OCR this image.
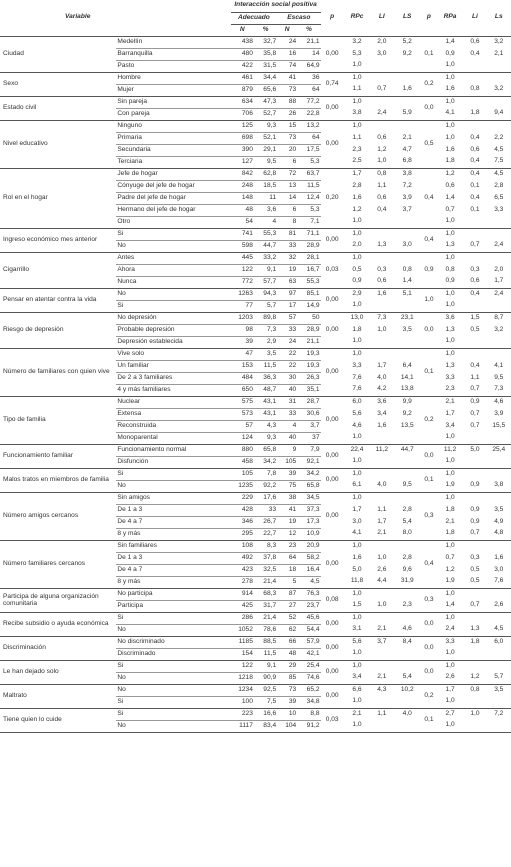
Variable		Interacción social positiva				p	RPc	LI	LS	p	RPa	Li	Ls
		Adecuado		Escaso									
		N	%	N	%								
Ciudad	Medellín	438	32,7	24	21,1	0,00	3,2	2,0	5,2	0,1	1,4	0,6	3,2
	Barranquilla	480	35,8	16	14		5,3	3,0	9,2		0,9	0,4	2,1
	Pasto	422	31,5	74	64,9		1,0				1,0		
Sexo	Hombre	461	34,4	41	36	0,74	1,0			0,2	1,0		
	Mujer	879	65,6	73	64		1,1	0,7	1,6		1,6	0,8	3,2
Estado civil	Sin pareja	634	47,3	88	77,2	0,00	1,0			0,0	1,0		
	Con pareja	706	52,7	26	22,8		3,8	2,4	5,9		4,1	1,8	9,4
Nivel educativo	Ninguno	125	9,3	15	13,2	0,00	1,0			0,5	1,0		
	Primaria	698	52,1	73	64		1,1	0,6	2,1		1,0	0,4	2,2
	Secundaria	390	29,1	20	17,5		2,3	1,2	4,7		1,6	0,6	4,5
	Terciaria	127	9,5	6	5,3		2,5	1,0	6,8		1,8	0,4	7,5
Rol en el hogar	Jefe de hogar	842	62,8	72	63,7	0,20	1,7	0,8	3,8	0,4	1,2	0,4	4,5
	Cónyuge del jefe de hogar	248	18,5	13	11,5		2,8	1,1	7,2		0,6	0,1	2,8
	Padre del jefe de hogar	148	11	14	12,4		1,6	0,6	3,9		1,4	0,4	6,5
	Hermano del jefe de hogar	48	3,6	6	5,3		1,2	0,4	3,7		0,7	0,1	3,3
	Otro	54	4	8	7,1		1,0				1,0		
Ingreso económico mes anterior	Si	741	55,3	81	71,1	0,00	1,0			0,4	1,0		
	No	598	44,7	33	28,9		2,0	1,3	3,0		1,3	0,7	2,4
Cigarrillo	Antes	445	33,2	32	28,1	0,03	1,0			0,9	1,0		
	Ahora	122	9,1	19	16,7		0,5	0,3	0,8		0,8	0,3	2,0
	Nunca	772	57,7	63	55,3		0,9	0,6	1,4		0,9	0,6	1,7
Pensar en atentar contra la vida	No	1263	94,3	97	85,1	0,00	2,9	1,6	5,1	1,0	1,0	0,4	2,4
	Si	77	5,7	17	14,9		1,0				1,0		
Riesgo de depresión	No depresión	1203	89,8	57	50	0,00	13,0	7,3	23,1	0,0	3,6	1,5	8,7
	Probable depresión	98	7,3	33	28,9		1,8	1,0	3,5		1,3	0,5	3,2
	Depresión establecida	39	2,9	24	21,1		1,0				1,0		
Número de familiares con quien vive	Vive solo	47	3,5	22	19,3	0,00	1,0			0,1	1,0		
	Un familiar	153	11,5	22	19,3		3,3	1,7	6,4		1,3	0,4	4,1
	De 2 a 3 familiares	484	36,3	30	26,3		7,6	4,0	14,1		3,3	1,1	9,5
	4 y más familiares	650	48,7	40	35,1		7,6	4,2	13,8		2,3	0,7	7,3
Tipo de familia	Nuclear	575	43,1	31	28,7	0,00	6,0	3,6	9,9	0,2	2,1	0,9	4,6
	Extensa	573	43,1	33	30,6		5,6	3,4	9,2		1,7	0,7	3,9
	Reconstruida	57	4,3	4	3,7		4,6	1,6	13,5		3,4	0,7	15,5
	Monoparental	124	9,3	40	37		1,0				1,0		
Funcionamiento familiar	Funcionamiento normal	880	65,8	9	7,9	0,00	22,4	11,2	44,7	0,0	11,2	5,0	25,4
	Disfunción	458	34,2	105	92,1		1,0				1,0		
Malos tratos en miembros de familia	Si	105	7,8	39	34,2	0,00	1,0			0,1	1,0		
	No	1235	92,2	75	65,8		6,1	4,0	9,5		1,9	0,9	3,8
Número amigos cercanos	Sin amigos	229	17,6	38	34,5	0,00	1,0			0,3	1,0		
	De 1 a 3	428	33	41	37,3		1,7	1,1	2,8		1,8	0,9	3,5
	De 4 a 7	346	26,7	19	17,3		3,0	1,7	5,4		2,1	0,9	4,9
	8 y más	295	22,7	12	10,9		4,1	2,1	8,0		1,8	0,7	4,8
Número familiares cercanos	Sin familiares	108	8,3	23	20,9	0,00	1,0			0,4	1,0		
	De 1 a 3	492	37,8	64	58,2		1,6	1,0	2,8		0,7	0,3	1,6
	De 4 a 7	423	32,5	18	16,4		5,0	2,6	9,6		1,2	0,5	3,0
	8 y más	278	21,4	5	4,5		11,8	4,4	31,9		1,9	0,5	7,6
Participa de alguna organización comunitaria	No participa	914	68,3	87	76,3	0,08	1,0			0,3	1,0		
	Participa	425	31,7	27	23,7		1,5	1,0	2,3		1,4	0,7	2,6
Recibe subsidio o ayuda económica	Si	286	21,4	52	45,6	0,00	1,0			0,0	1,0		
	No	1052	78,6	62	54,4		3,1	2,1	4,6		2,4	1,3	4,5
Discriminación	No discriminado	1185	88,5	66	57,9	0,00	5,6	3,7	8,4	0,0	3,3	1,8	6,0
	Discriminado	154	11,5	48	42,1		1,0				1,0		
Le han dejado solo	Si	122	9,1	29	25,4	0,00	1,0			0,0	1,0		
	No	1218	90,9	85	74,6		3,4	2,1	5,4		2,6	1,2	5,7
Maltrato	No	1234	92,5	73	65,2	0,00	6,6	4,3	10,2	0,2	1,7	0,8	3,5
	Si	100	7,5	39	34,8		1,0				1,0		
Tiene quien lo cuide	Si	223	16,6	10	8,8	0,03	2,1	1,1	4,0	0,1	2,7	1,0	7,2
	No	1117	83,4	104	91,2		1,0				1,0		
